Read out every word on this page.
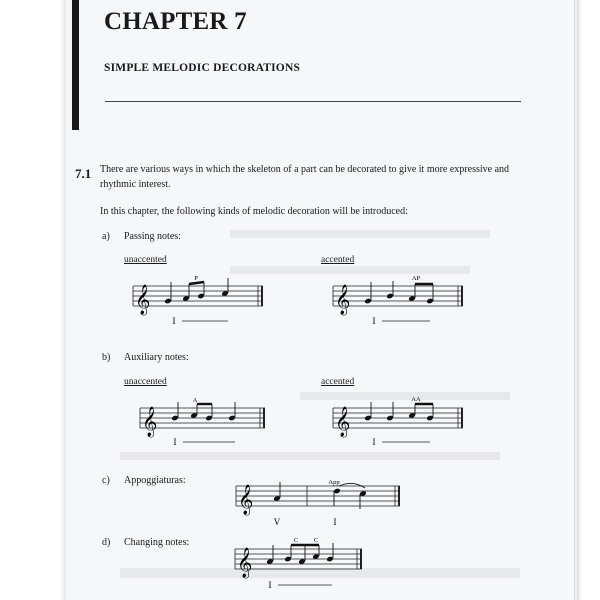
CHAPTER 7
SIMPLE MELODIC DECORATIONS
7.1 There are various ways in which the skeleton of a part can be decorated to give it more expressive and rhythmic interest.
In this chapter, the following kinds of melodic decoration will be introduced:
a) Passing notes:
unaccented	accented
𝄞
P
I
𝄞
AP
I
b) Auxiliary notes:
unaccented	accented
𝄞
A
I
𝄞
AA
I
c) Appoggiaturas:
𝄞
App
V	I
d) Changing notes:
𝄞
C C
I
